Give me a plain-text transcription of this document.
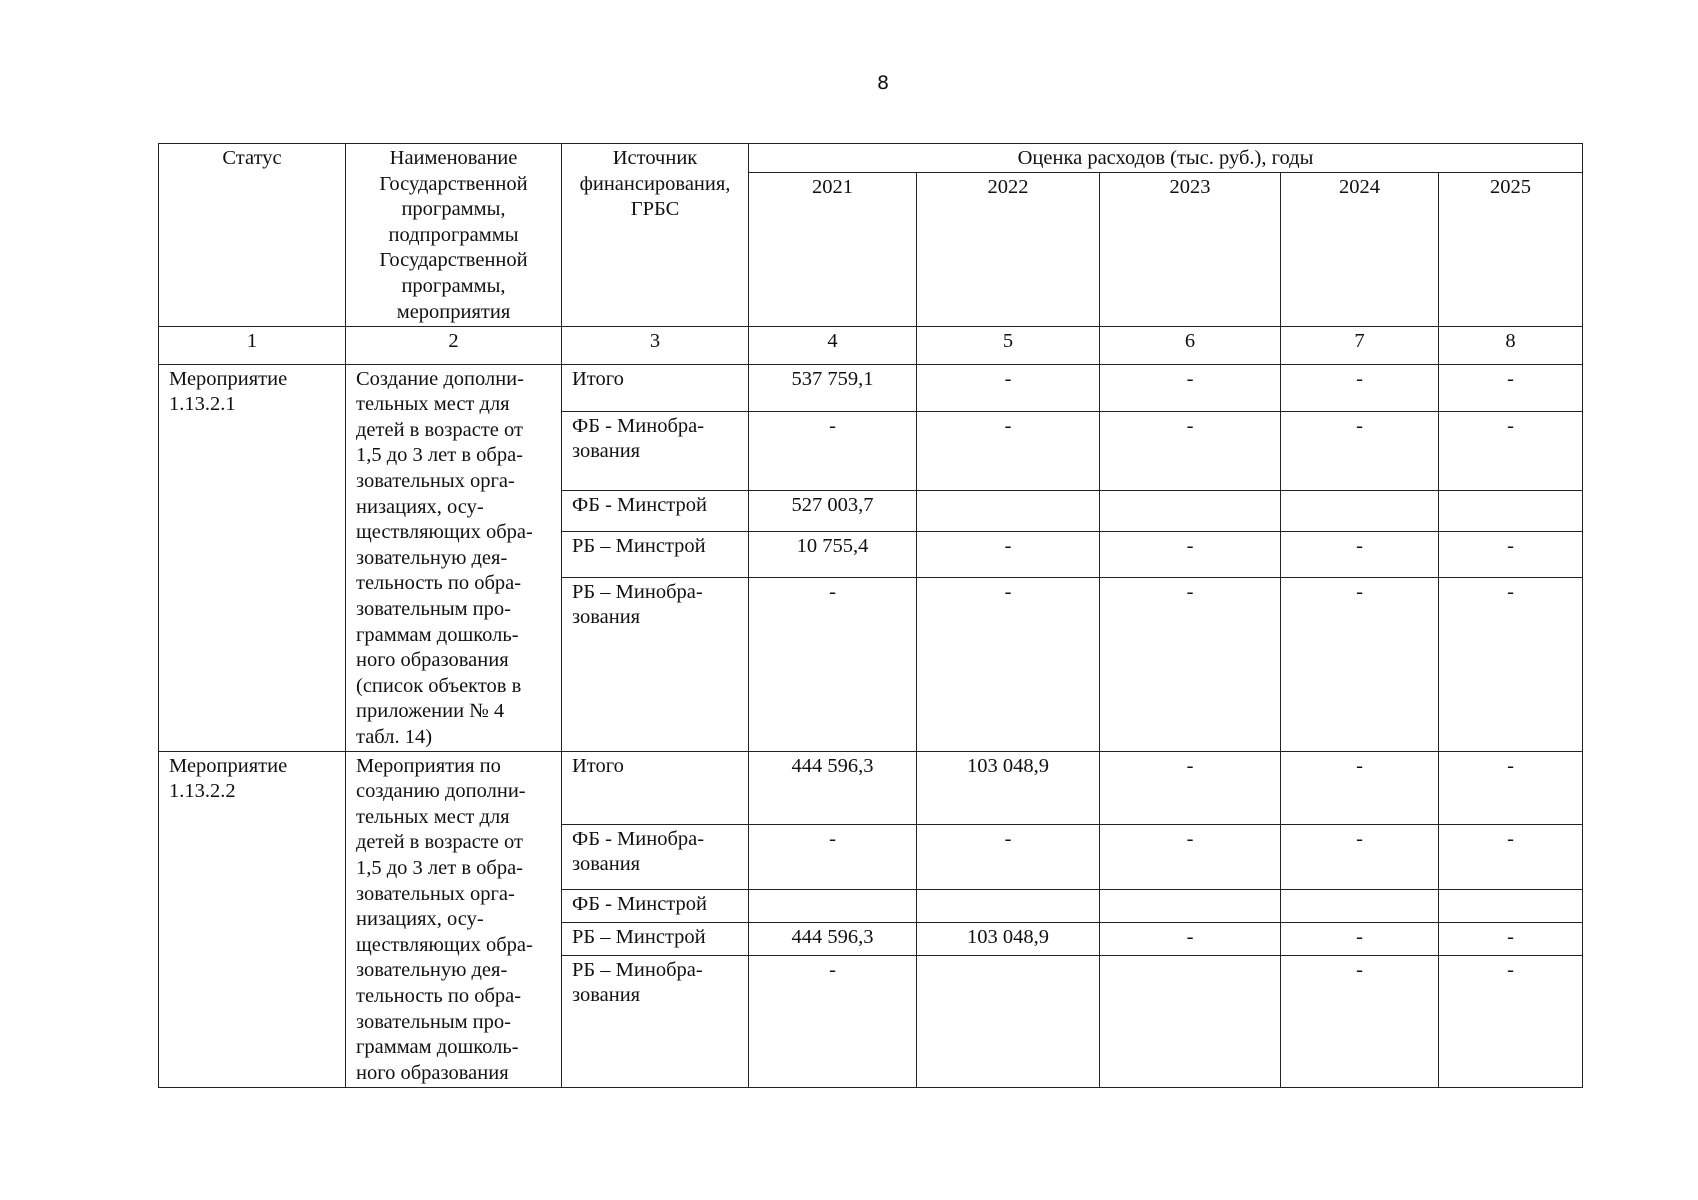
8
Статус	Наименование Государственной программы, подпрограммы Государственной программы, мероприятия	Источник финансирования, ГРБС	Оценка расходов (тыс. руб.), годы				
			2021	2022	2023	2024	2025
1	2	3	4	5	6	7	8
Мероприятие 1.13.2.1	Создание дополни-тельных мест для детей в возрасте от 1,5 до 3 лет в обра-зовательных орга-низациях, осу-ществляющих обра-зовательную дея-тельность по обра-зовательным про-граммам дошколь-ного образования (список объектов в приложении № 4 табл. 14)	Итого	537 759,1	-	-	-	-
		ФБ - Минобра-зования	-	-	-	-	-
		ФБ - Минстрой	527 003,7				
		РБ – Минстрой	10 755,4	-	-	-	-
		РБ – Минобра-зования	-	-	-	-	-
Мероприятие 1.13.2.2	Мероприятия по созданию дополни-тельных мест для детей в возрасте от 1,5 до 3 лет в обра-зовательных орга-низациях, осу-ществляющих обра-зовательную дея-тельность по обра-зовательным про-граммам дошколь-ного образования	Итого	444 596,3	103 048,9	-	-	-
		ФБ - Минобра-зования	-	-	-	-	-
		ФБ - Минстрой					
		РБ – Минстрой	444 596,3	103 048,9	-	-	-
		РБ – Минобра-зования	-			-	-
